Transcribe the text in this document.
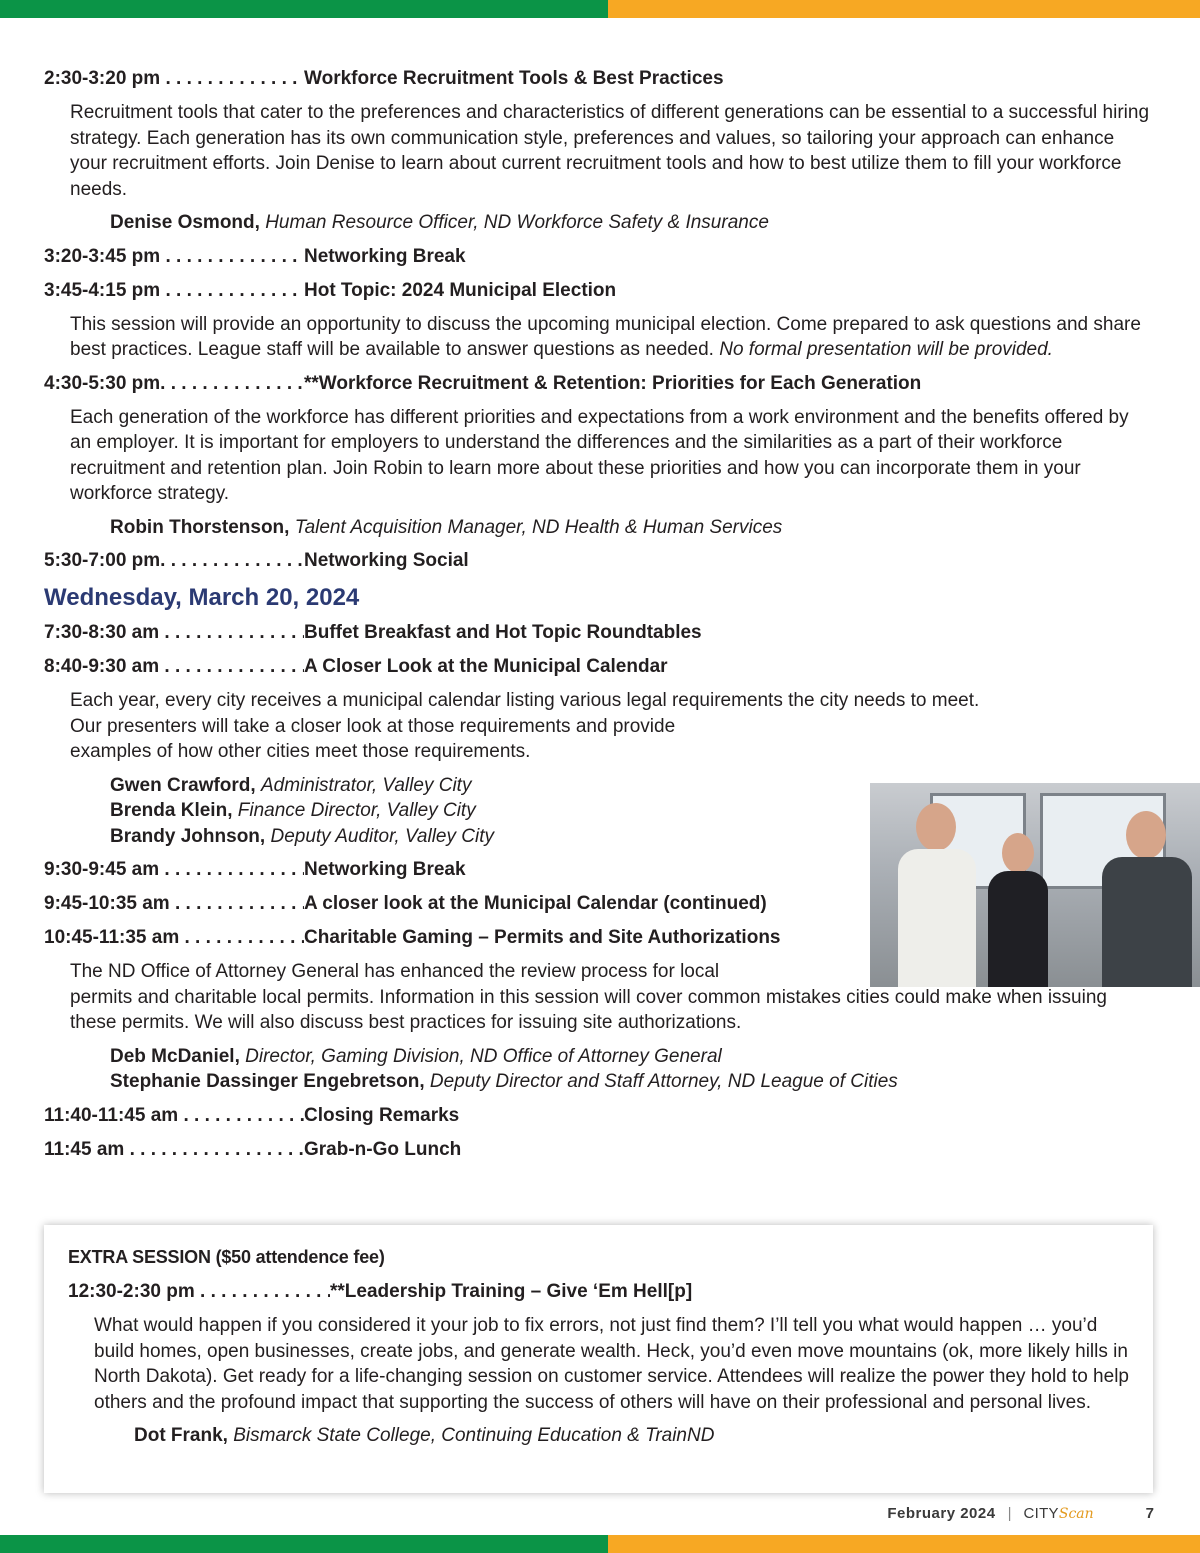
2:30-3:20 pm . . .	Workforce Recruitment Tools & Best Practices
Recruitment tools that cater to the preferences and characteristics of different generations can be essential to a successful hiring strategy. Each generation has its own communication style, preferences and values, so tailoring your approach can enhance your recruitment efforts. Join Denise to learn about current recruitment tools and how to best utilize them to fill your workforce needs.
Denise Osmond, Human Resource Officer, ND Workforce Safety & Insurance
3:20-3:45 pm . . .	Networking Break
3:45-4:15 pm . . .	Hot Topic: 2024 Municipal Election
This session will provide an opportunity to discuss the upcoming municipal election. Come prepared to ask questions and share best practices. League staff will be available to answer questions as needed. No formal presentation will be provided.
4:30-5:30 pm. . . .	**Workforce Recruitment & Retention: Priorities for Each Generation
Each generation of the workforce has different priorities and expectations from a work environment and the benefits offered by an employer. It is important for employers to understand the differences and the similarities as a part of their workforce recruitment and retention plan. Join Robin to learn more about these priorities and how you can incorporate them in your workforce strategy.
Robin Thorstenson, Talent Acquisition Manager, ND Health & Human Services
5:30-7:00 pm. . . .	Networking Social
Wednesday, March 20, 2024
7:30-8:30 am . . .	Buffet Breakfast and Hot Topic Roundtables
8:40-9:30 am . . .	A Closer Look at the Municipal Calendar
Each year, every city receives a municipal calendar listing various legal requirements the city needs to meet.
Our presenters will take a closer look at those requirements and provide
examples of how other cities meet those requirements.
Gwen Crawford, Administrator, Valley City
Brenda Klein, Finance Director, Valley City
Brandy Johnson, Deputy Auditor, Valley City
9:30-9:45 am . . .	Networking Break
9:45-10:35 am . . .	A closer look at the Municipal Calendar (continued)
10:45-11:35 am . . .	Charitable Gaming – Permits and Site Authorizations
The ND Office of Attorney General has enhanced the review process for local
permits and charitable local permits. Information in this session will cover common mistakes cities could make when issuing these permits. We will also discuss best practices for issuing site authorizations.
Deb McDaniel, Director, Gaming Division, ND Office of Attorney General
Stephanie Dassinger Engebretson, Deputy Director and Staff Attorney, ND League of Cities
11:40-11:45 am . . .	Closing Remarks
11:45 am . . .	Grab-n-Go Lunch
EXTRA SESSION ($50 attendence fee)
12:30-2:30 pm . . .	**Leadership Training – Give ‘Em Hell[p]
What would happen if you considered it your job to fix errors, not just find them? I’ll tell you what would happen … you’d build homes, open businesses, create jobs, and generate wealth. Heck, you’d even move mountains (ok, more likely hills in North Dakota). Get ready for a life-changing session on customer service. Attendees will realize the power they hold to help others and the profound impact that supporting the success of others will have on their professional and personal lives.
Dot Frank, Bismarck State College, Continuing Education & TrainND
February 2024 | CITYScan	7
